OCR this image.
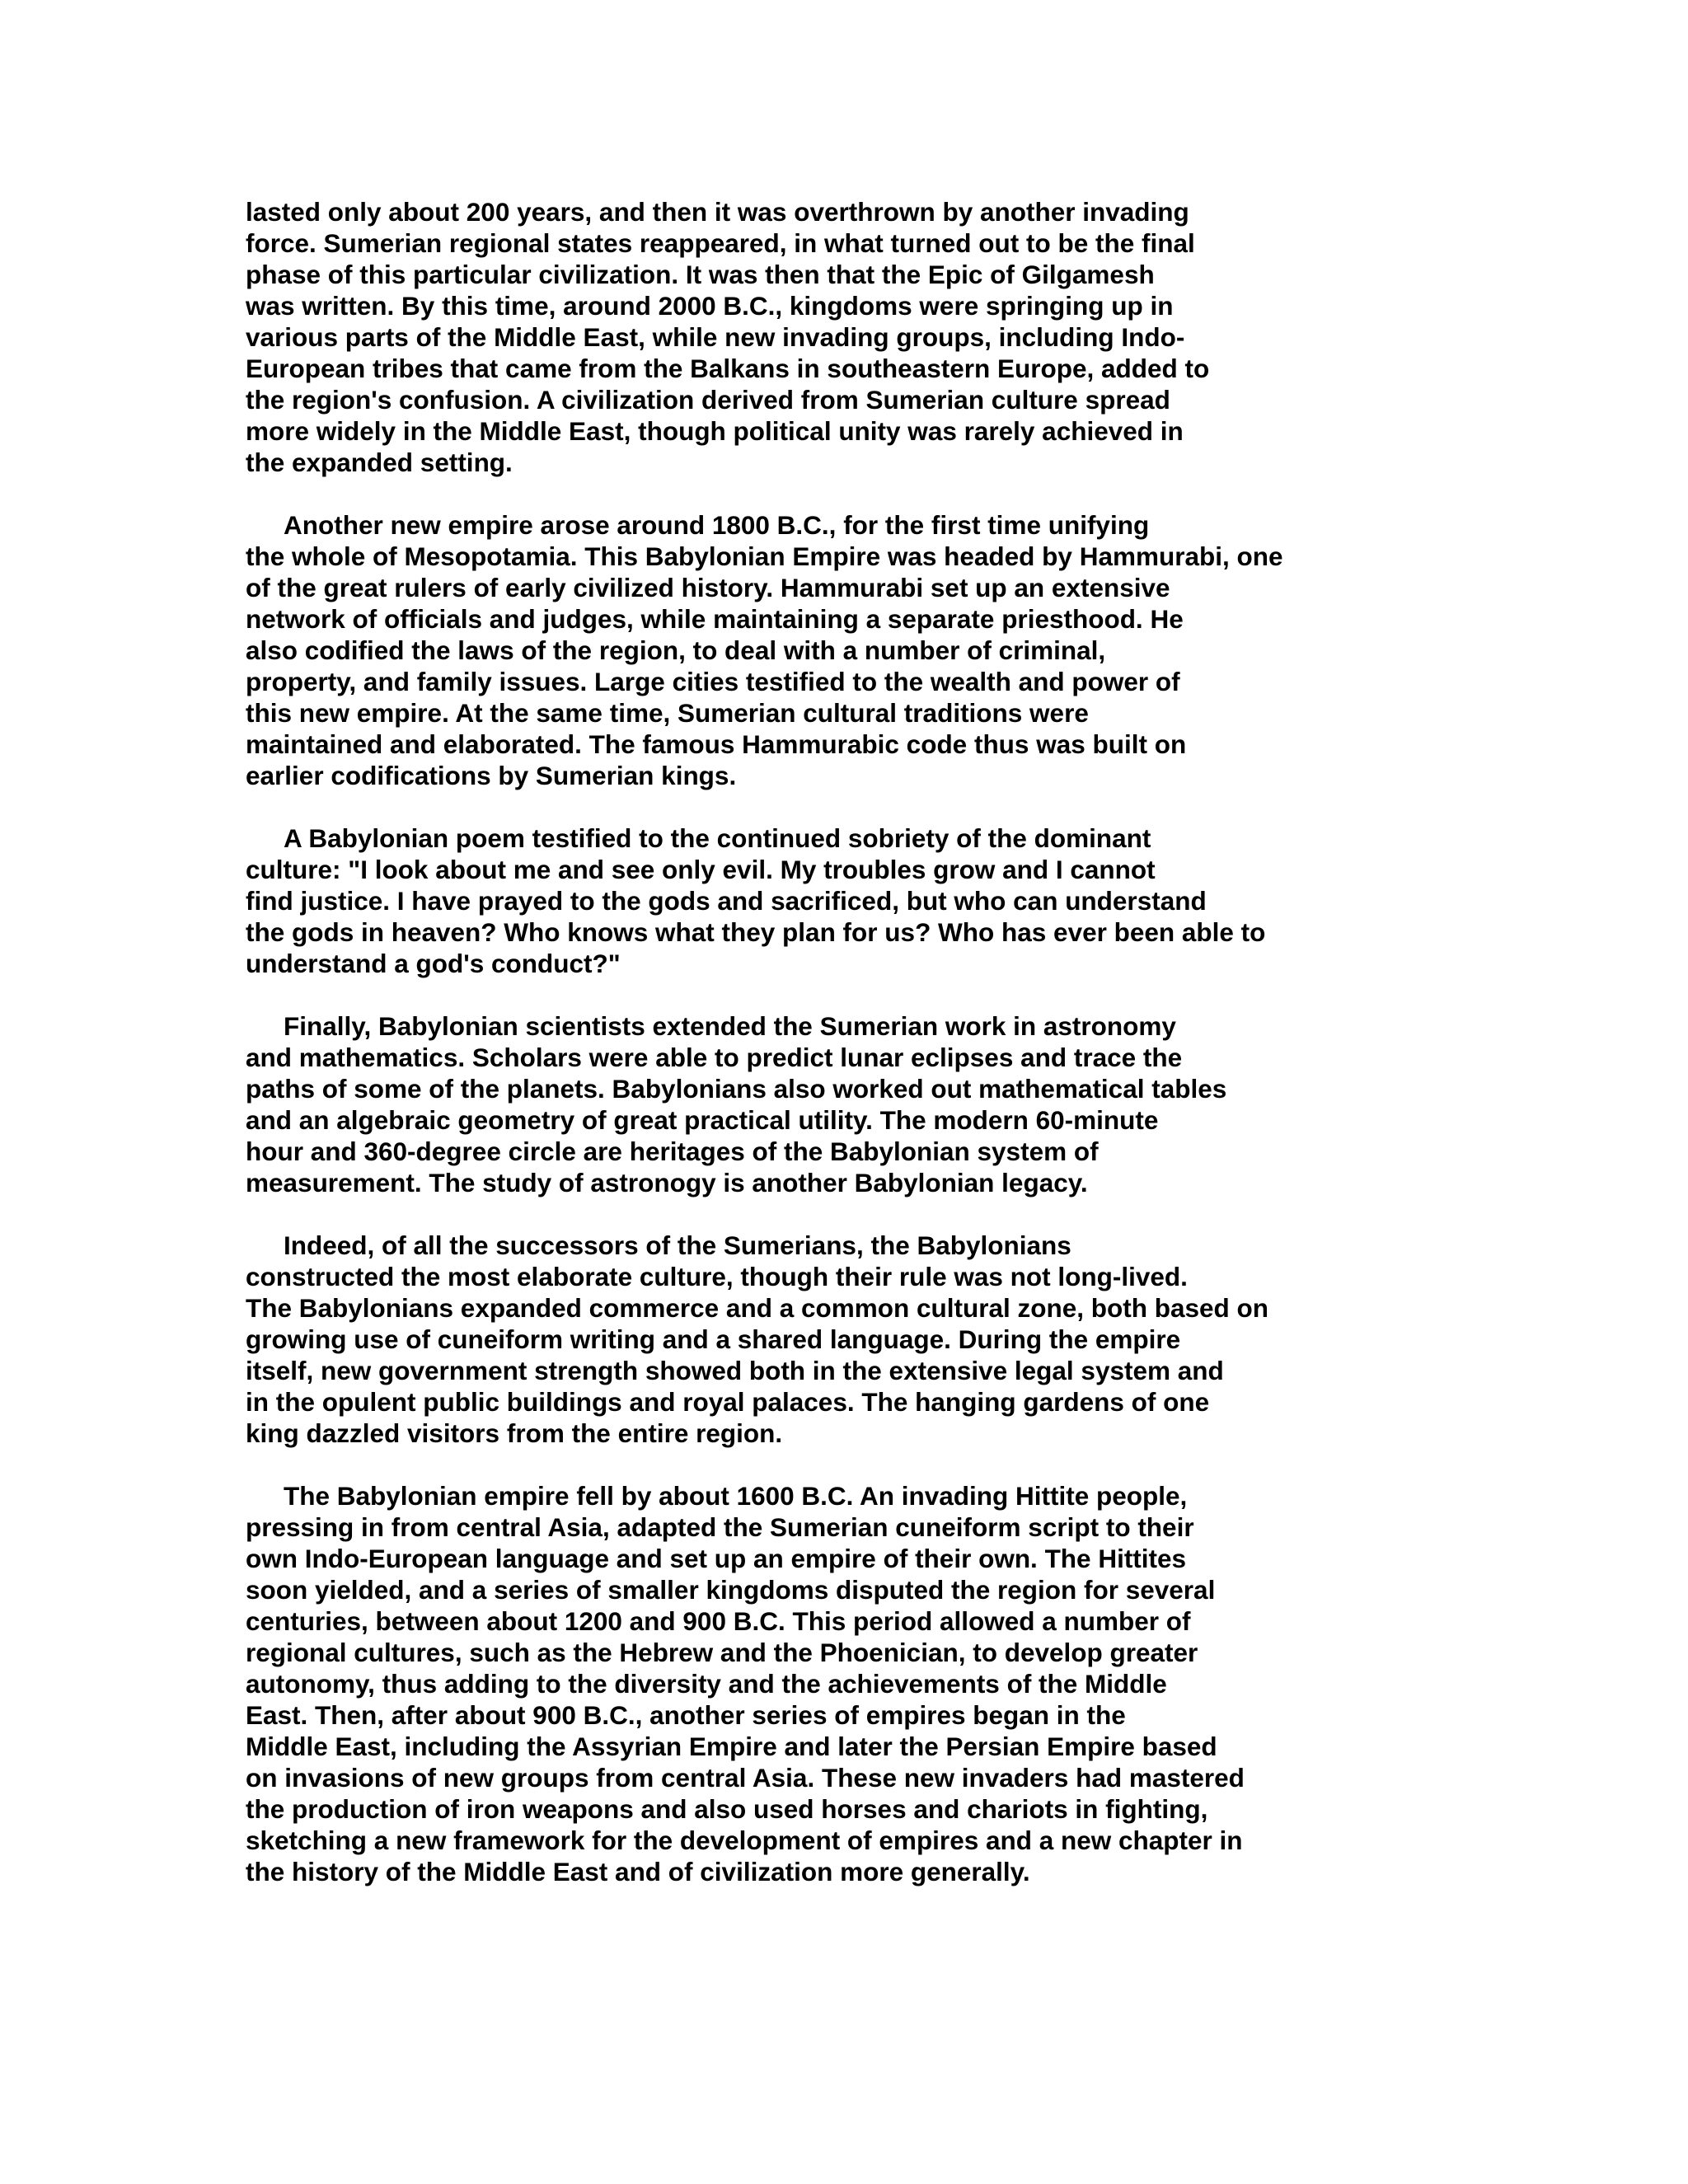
lasted only about 200 years, and then it was overthrown by another invading
force. Sumerian regional states reappeared, in what turned out to be the final
phase of this particular civilization. It was then that the Epic of Gilgamesh
was written. By this time, around 2000 B.C., kingdoms were springing up in
various parts of the Middle East, while new invading groups, including Indo-
European tribes that came from the Balkans in southeastern Europe, added to
the region's confusion. A civilization derived from Sumerian culture spread
more widely in the Middle East, though political unity was rarely achieved in
the expanded setting.
Another new empire arose around 1800 B.C., for the first time unifying
the whole of Mesopotamia. This Babylonian Empire was headed by Hammurabi, one
of the great rulers of early civilized history. Hammurabi set up an extensive
network of officials and judges, while maintaining a separate priesthood. He
also codified the laws of the region, to deal with a number of criminal,
property, and family issues. Large cities testified to the wealth and power of
this new empire. At the same time, Sumerian cultural traditions were
maintained and elaborated. The famous Hammurabic code thus was built on
earlier codifications by Sumerian kings.
A Babylonian poem testified to the continued sobriety of the dominant
culture: "I look about me and see only evil. My troubles grow and I cannot
find justice. I have prayed to the gods and sacrificed, but who can understand
the gods in heaven? Who knows what they plan for us? Who has ever been able to
understand a god's conduct?"
Finally, Babylonian scientists extended the Sumerian work in astronomy
and mathematics. Scholars were able to predict lunar eclipses and trace the
paths of some of the planets. Babylonians also worked out mathematical tables
and an algebraic geometry of great practical utility. The modern 60-minute
hour and 360-degree circle are heritages of the Babylonian system of
measurement. The study of astronogy is another Babylonian legacy.
Indeed, of all the successors of the Sumerians, the Babylonians
constructed the most elaborate culture, though their rule was not long-lived.
The Babylonians expanded commerce and a common cultural zone, both based on
growing use of cuneiform writing and a shared language. During the empire
itself, new government strength showed both in the extensive legal system and
in the opulent public buildings and royal palaces. The hanging gardens of one
king dazzled visitors from the entire region.
The Babylonian empire fell by about 1600 B.C. An invading Hittite people,
pressing in from central Asia, adapted the Sumerian cuneiform script to their
own Indo-European language and set up an empire of their own. The Hittites
soon yielded, and a series of smaller kingdoms disputed the region for several
centuries, between about 1200 and 900 B.C. This period allowed a number of
regional cultures, such as the Hebrew and the Phoenician, to develop greater
autonomy, thus adding to the diversity and the achievements of the Middle
East. Then, after about 900 B.C., another series of empires began in the
Middle East, including the Assyrian Empire and later the Persian Empire based
on invasions of new groups from central Asia. These new invaders had mastered
the production of iron weapons and also used horses and chariots in fighting,
sketching a new framework for the development of empires and a new chapter in
the history of the Middle East and of civilization more generally.
